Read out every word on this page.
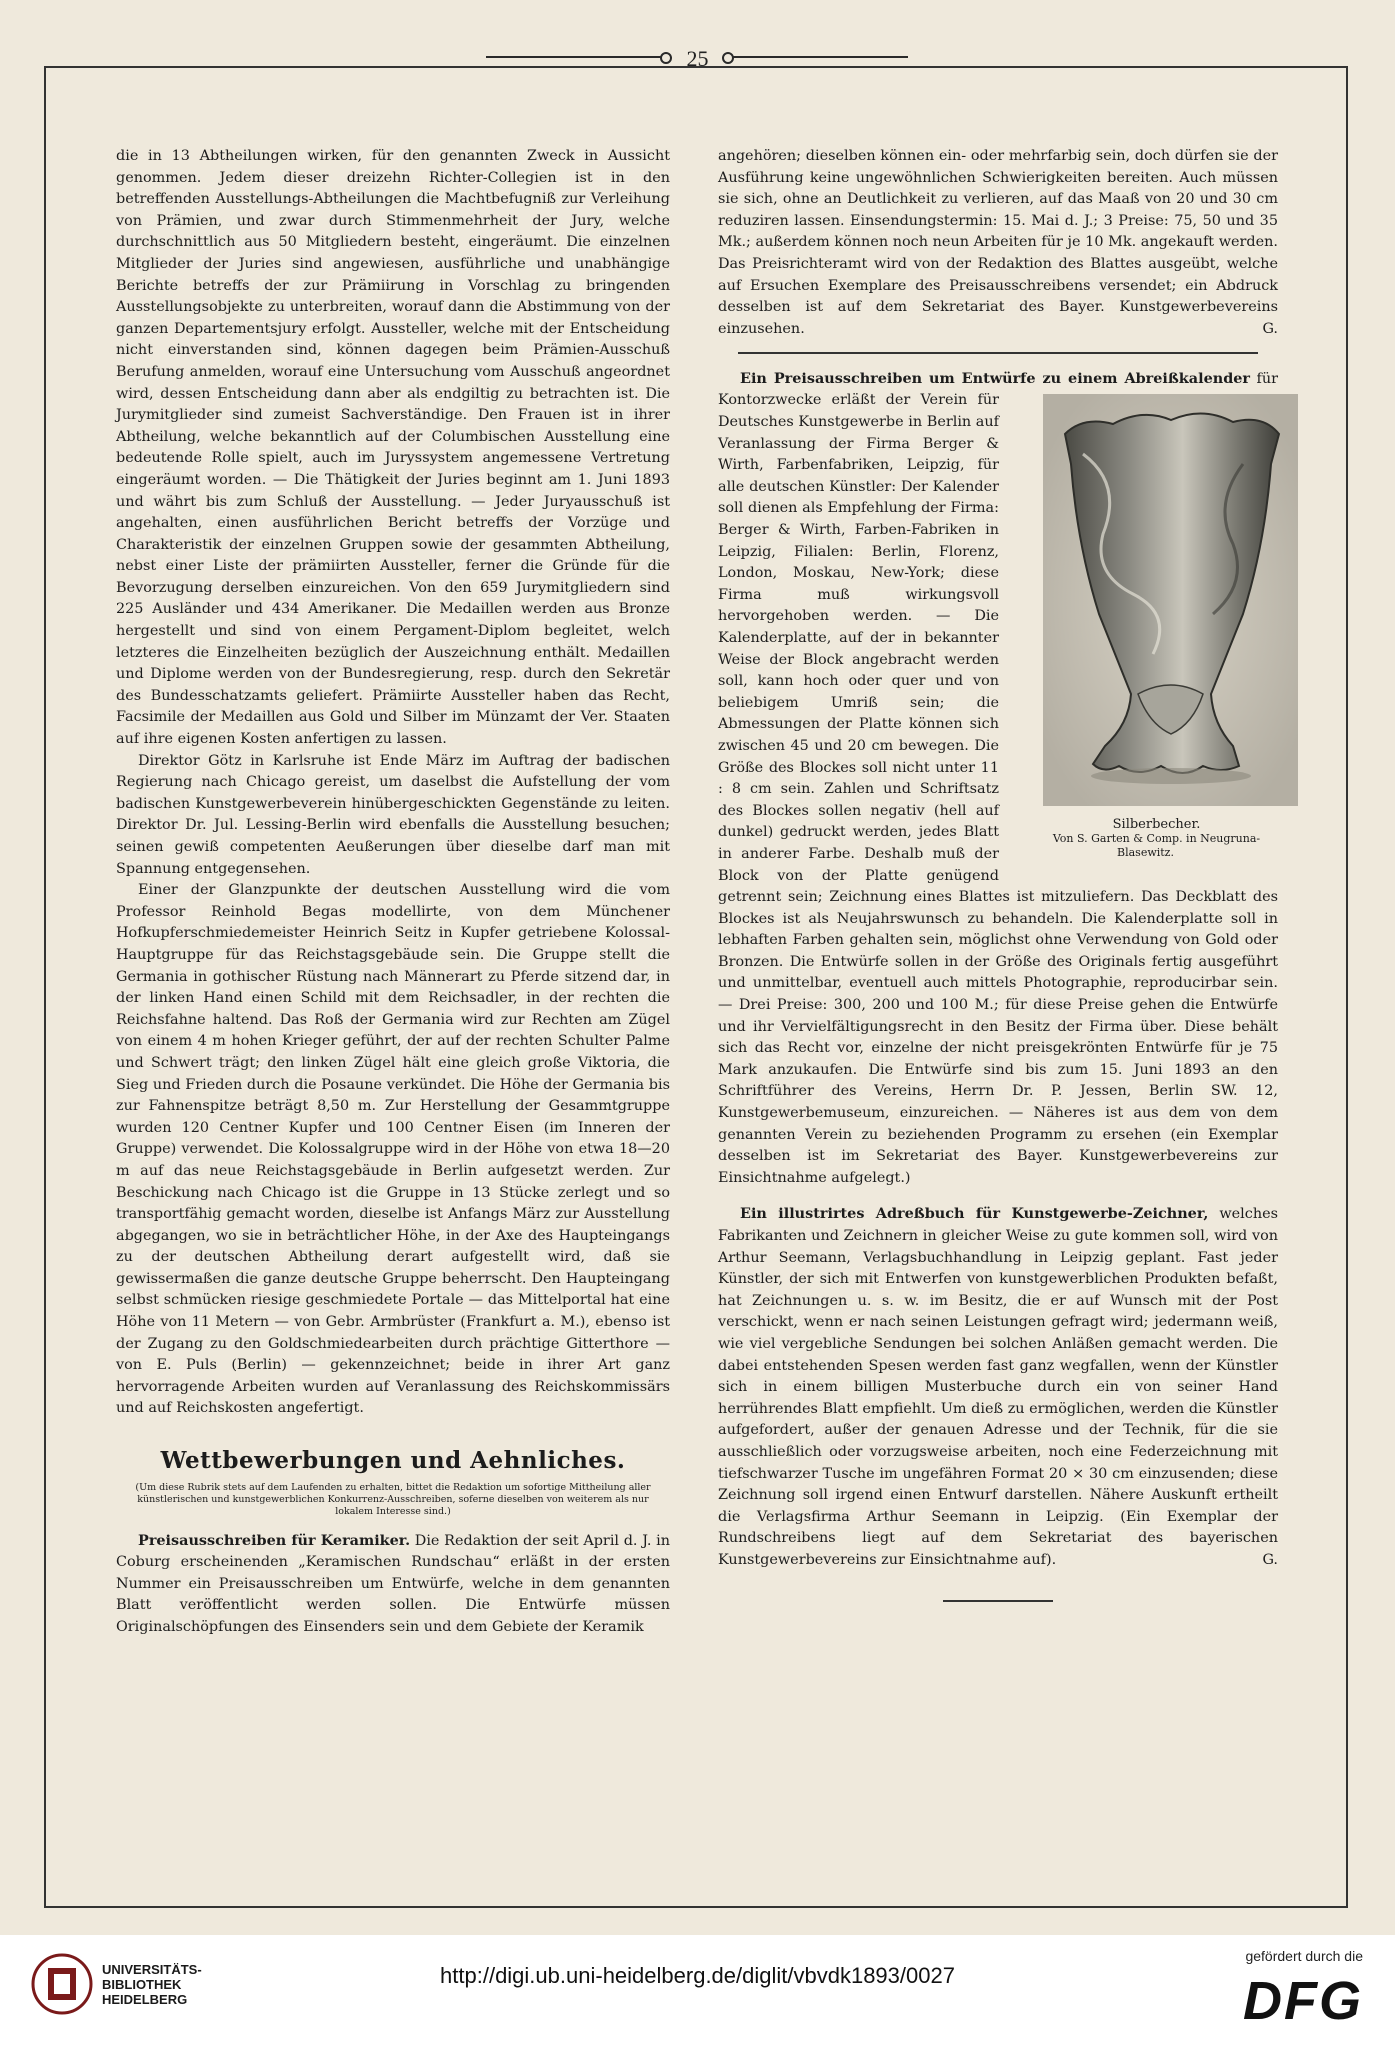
25

die in 13 Abtheilungen wirken, für den genannten Zweck in Aussicht genommen. Jedem dieser dreizehn Richter-Collegien ist in den betreffenden Ausstellungs-Abtheilungen die Machtbefugniß zur Verleihung von Prämien, und zwar durch Stimmenmehrheit der Jury, welche durchschnittlich aus 50 Mitgliedern besteht, eingeräumt. Die einzelnen Mitglieder der Juries sind angewiesen, ausführliche und unabhängige Berichte betreffs der zur Prämiirung in Vorschlag zu bringenden Ausstellungsobjekte zu unterbreiten, worauf dann die Abstimmung von der ganzen Departementsjury erfolgt. Aussteller, welche mit der Entscheidung nicht einverstanden sind, können dagegen beim Prämien-Ausschuß Berufung anmelden, worauf eine Untersuchung vom Ausschuß angeordnet wird, dessen Entscheidung dann aber als endgiltig zu betrachten ist. Die Jurymitglieder sind zumeist Sachverständige. Den Frauen ist in ihrer Abtheilung, welche bekanntlich auf der Columbischen Ausstellung eine bedeutende Rolle spielt, auch im Juryssystem angemessene Vertretung eingeräumt worden. — Die Thätigkeit der Juries beginnt am 1. Juni 1893 und währt bis zum Schluß der Ausstellung. — Jeder Juryausschuß ist angehalten, einen ausführlichen Bericht betreffs der Vorzüge und Charakteristik der einzelnen Gruppen sowie der gesammten Abtheilung, nebst einer Liste der prämiirten Aussteller, ferner die Gründe für die Bevorzugung derselben einzureichen. Von den 659 Jurymitgliedern sind 225 Ausländer und 434 Amerikaner. Die Medaillen werden aus Bronze hergestellt und sind von einem Pergament-Diplom begleitet, welch letzteres die Einzelheiten bezüglich der Auszeichnung enthält. Medaillen und Diplome werden von der Bundesregierung, resp. durch den Sekretär des Bundesschatzamts geliefert. Prämiirte Aussteller haben das Recht, Facsimile der Medaillen aus Gold und Silber im Münzamt der Ver. Staaten auf ihre eigenen Kosten anfertigen zu lassen.

Direktor Götz in Karlsruhe ist Ende März im Auftrag der badischen Regierung nach Chicago gereist, um daselbst die Aufstellung der vom badischen Kunstgewerbeverein hinübergeschickten Gegenstände zu leiten. Direktor Dr. Jul. Lessing-Berlin wird ebenfalls die Ausstellung besuchen; seinen gewiß competenten Aeußerungen über dieselbe darf man mit Spannung entgegensehen.

Einer der Glanzpunkte der deutschen Ausstellung wird die vom Professor Reinhold Begas modellirte, von dem Münchener Hofkupferschmiedemeister Heinrich Seitz in Kupfer getriebene Kolossal-Hauptgruppe für das Reichstagsgebäude sein. Die Gruppe stellt die Germania in gothischer Rüstung nach Männerart zu Pferde sitzend dar, in der linken Hand einen Schild mit dem Reichsadler, in der rechten die Reichsfahne haltend. Das Roß der Germania wird zur Rechten am Zügel von einem 4 m hohen Krieger geführt, der auf der rechten Schulter Palme und Schwert trägt; den linken Zügel hält eine gleich große Viktoria, die Sieg und Frieden durch die Posaune verkündet. Die Höhe der Germania bis zur Fahnenspitze beträgt 8,50 m. Zur Herstellung der Gesammtgruppe wurden 120 Centner Kupfer und 100 Centner Eisen (im Inneren der Gruppe) verwendet. Die Kolossalgruppe wird in der Höhe von etwa 18—20 m auf das neue Reichstagsgebäude in Berlin aufgesetzt werden. Zur Beschickung nach Chicago ist die Gruppe in 13 Stücke zerlegt und so transportfähig gemacht worden, dieselbe ist Anfangs März zur Ausstellung abgegangen, wo sie in beträchtlicher Höhe, in der Axe des Haupteingangs zu der deutschen Abtheilung derart aufgestellt wird, daß sie gewissermaßen die ganze deutsche Gruppe beherrscht. Den Haupteingang selbst schmücken riesige geschmiedete Portale — das Mittelportal hat eine Höhe von 11 Metern — von Gebr. Armbrüster (Frankfurt a. M.), ebenso ist der Zugang zu den Goldschmiedearbeiten durch prächtige Gitterthore — von E. Puls (Berlin) — gekennzeichnet; beide in ihrer Art ganz hervorragende Arbeiten wurden auf Veranlassung des Reichskommissärs und auf Reichskosten angefertigt.

Wettbewerbungen und Aehnliches.
(Um diese Rubrik stets auf dem Laufenden zu erhalten, bittet die Redaktion um sofortige Mittheilung aller künstlerischen und kunstgewerblichen Konkurrenz-Ausschreiben, soferne dieselben von weiterem als nur lokalem Interesse sind.)

Preisausschreiben für Keramiker. Die Redaktion der seit April d. J. in Coburg erscheinenden „Keramischen Rundschau“ erläßt in der ersten Nummer ein Preisausschreiben um Entwürfe, welche in dem genannten Blatt veröffentlicht werden sollen. Die Entwürfe müssen Originalschöpfungen des Einsenders sein und dem Gebiete der Keramik

angehören; dieselben können ein- oder mehrfarbig sein, doch dürfen sie der Ausführung keine ungewöhnlichen Schwierigkeiten bereiten. Auch müssen sie sich, ohne an Deutlichkeit zu verlieren, auf das Maaß von 20 und 30 cm reduziren lassen. Einsendungstermin: 15. Mai d. J.; 3 Preise: 75, 50 und 35 Mk.; außerdem können noch neun Arbeiten für je 10 Mk. angekauft werden. Das Preisrichteramt wird von der Redaktion des Blattes ausgeübt, welche auf Ersuchen Exemplare des Preisausschreibens versendet; ein Abdruck desselben ist auf dem Sekretariat des Bayer. Kunstgewerbevereins einzusehen.	G.

Ein Preisausschreiben um Entwürfe zu einem Abreißkalender
Silberbecher.
Von S. Garten & Comp. in Neugruna-Blasewitz.
für Kontorzwecke erläßt der Verein für Deutsches Kunstgewerbe in Berlin auf Veranlassung der Firma Berger & Wirth, Farbenfabriken, Leipzig, für alle deutschen Künstler: Der Kalender soll dienen als Empfehlung der Firma: Berger & Wirth, Farben-Fabriken in Leipzig, Filialen: Berlin, Florenz, London, Moskau, New-York; diese Firma muß wirkungsvoll hervorgehoben werden. — Die Kalenderplatte, auf der in bekannter Weise der Block angebracht werden soll, kann hoch oder quer und von beliebigem Umriß sein; die Abmessungen der Platte können sich zwischen 45 und 20 cm bewegen. Die Größe des Blockes soll nicht unter 11 : 8 cm sein. Zahlen und Schriftsatz des Blockes sollen negativ (hell auf dunkel) gedruckt werden, jedes Blatt in anderer Farbe. Deshalb muß der Block von der Platte genügend getrennt sein; Zeichnung eines Blattes ist mitzuliefern. Das Deckblatt des Blockes ist als Neujahrswunsch zu behandeln. Die Kalenderplatte soll in lebhaften Farben gehalten sein, möglichst ohne Verwendung von Gold oder Bronzen. Die Entwürfe sollen in der Größe des Originals fertig ausgeführt und unmittelbar, eventuell auch mittels Photographie, reproducirbar sein. — Drei Preise: 300, 200 und 100 M.; für diese Preise gehen die Entwürfe und ihr Vervielfältigungsrecht in den Besitz der Firma über. Diese behält sich das Recht vor, einzelne der nicht preisgekrönten Entwürfe für je 75 Mark anzukaufen. Die Entwürfe sind bis zum 15. Juni 1893 an den Schriftführer des Vereins, Herrn Dr. P. Jessen, Berlin SW. 12, Kunstgewerbemuseum, einzureichen. — Näheres ist aus dem von dem genannten Verein zu beziehenden Programm zu ersehen (ein Exemplar desselben ist im Sekretariat des Bayer. Kunstgewerbevereins zur Einsichtnahme aufgelegt.)

Ein illustrirtes Adreßbuch für Kunstgewerbe-Zeichner, welches Fabrikanten und Zeichnern in gleicher Weise zu gute kommen soll, wird von Arthur Seemann, Verlagsbuchhandlung in Leipzig geplant. Fast jeder Künstler, der sich mit Entwerfen von kunstgewerblichen Produkten befaßt, hat Zeichnungen u. s. w. im Besitz, die er auf Wunsch mit der Post verschickt, wenn er nach seinen Leistungen gefragt wird; jedermann weiß, wie viel vergebliche Sendungen bei solchen Anläßen gemacht werden. Die dabei entstehenden Spesen werden fast ganz wegfallen, wenn der Künstler sich in einem billigen Musterbuche durch ein von seiner Hand herrührendes Blatt empfiehlt. Um dieß zu ermöglichen, werden die Künstler aufgefordert, außer der genauen Adresse und der Technik, für die sie ausschließlich oder vorzugsweise arbeiten, noch eine Federzeichnung mit tiefschwarzer Tusche im ungefähren Format 20 × 30 cm einzusenden; diese Zeichnung soll irgend einen Entwurf darstellen. Nähere Auskunft ertheilt die Verlagsfirma Arthur Seemann in Leipzig. (Ein Exemplar der Rundschreibens liegt auf dem Sekretariat des bayerischen Kunstgewerbevereins zur Einsichtnahme auf).	G.

UNIVERSITÄTS-
BIBLIOTHEK
HEIDELBERG
http://digi.ub.uni-heidelberg.de/diglit/vbvdk1893/0027
gefördert durch die
DFG
